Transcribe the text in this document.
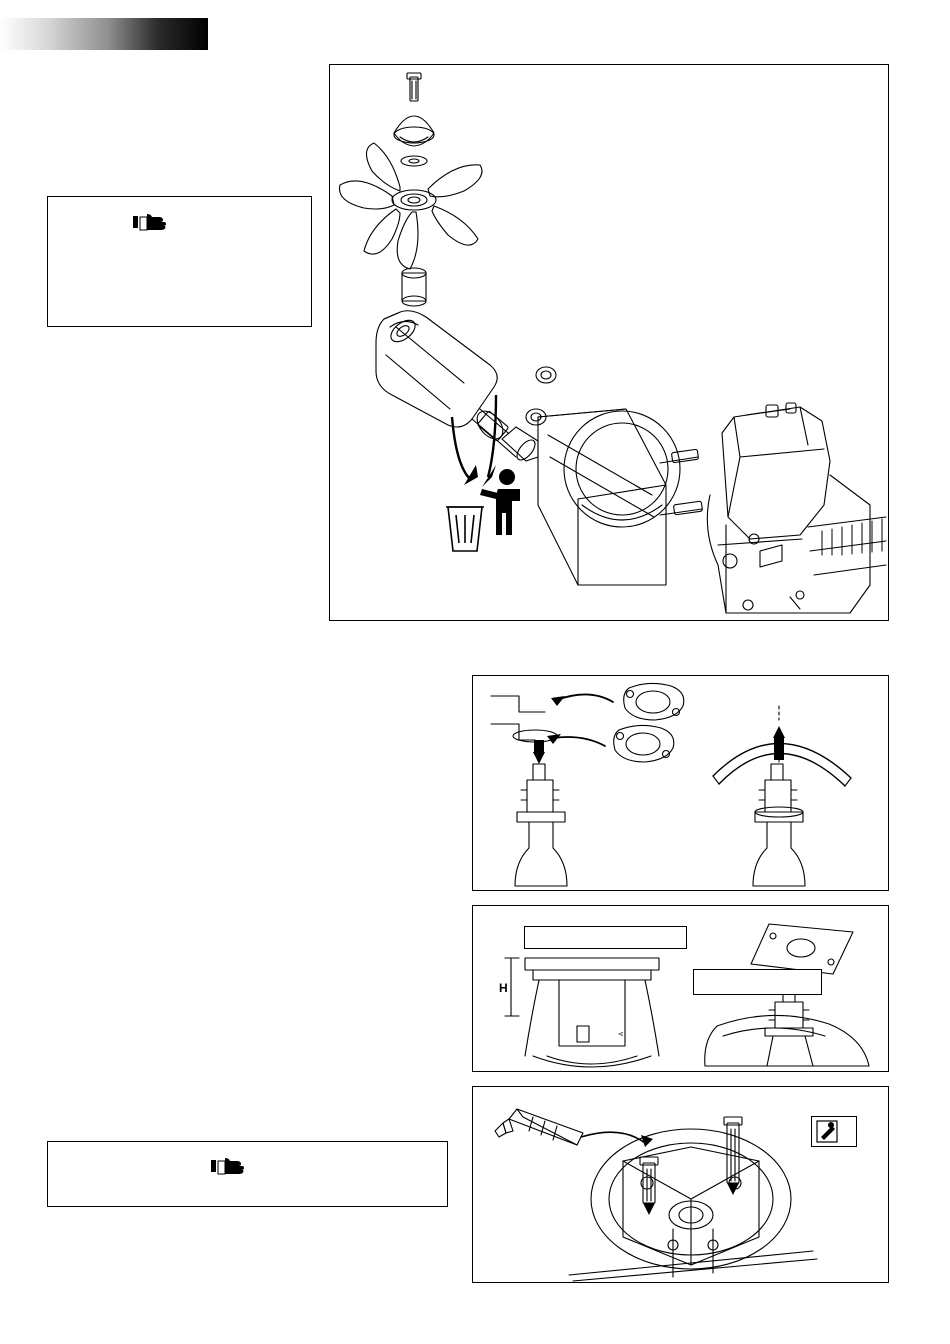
H
A
